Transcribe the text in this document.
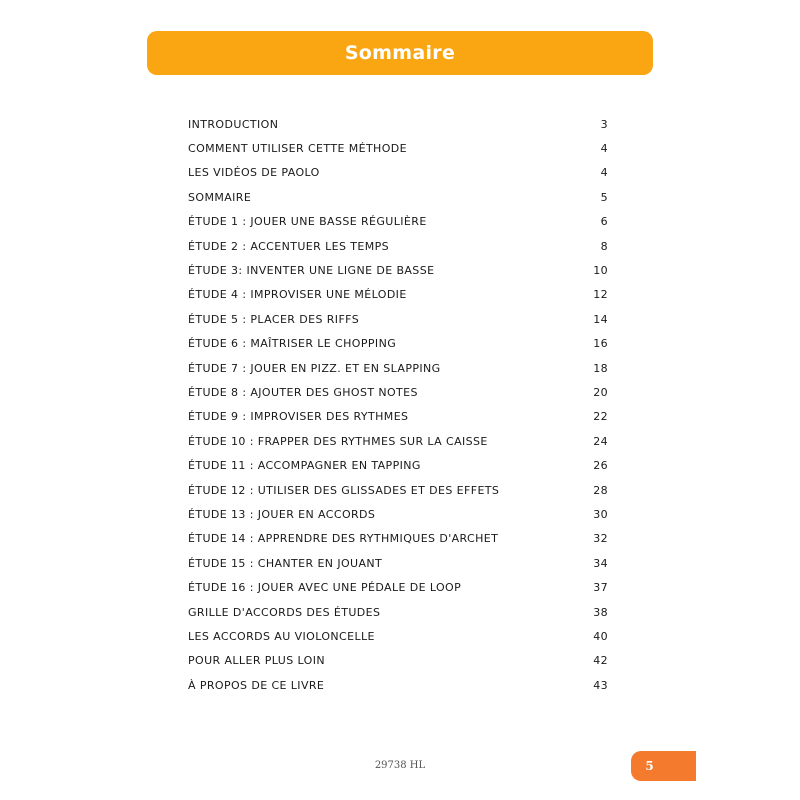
Sommaire
INTRODUCTION	3
COMMENT UTILISER CETTE MÉTHODE	4
LES VIDÉOS DE PAOLO	4
SOMMAIRE	5
ÉTUDE 1 : JOUER UNE BASSE RÉGULIÈRE	6
ÉTUDE 2 : ACCENTUER LES TEMPS	8
ÉTUDE 3: INVENTER UNE LIGNE DE BASSE	10
ÉTUDE 4 : IMPROVISER UNE MÉLODIE	12
ÉTUDE 5 : PLACER DES RIFFS	14
ÉTUDE 6 : MAÎTRISER LE CHOPPING	16
ÉTUDE 7 : JOUER EN PIZZ. ET EN SLAPPING	18
ÉTUDE 8 : AJOUTER DES GHOST NOTES	20
ÉTUDE 9 : IMPROVISER DES RYTHMES	22
ÉTUDE 10 : FRAPPER DES RYTHMES SUR LA CAISSE	24
ÉTUDE 11 : ACCOMPAGNER EN TAPPING	26
ÉTUDE 12 : UTILISER DES GLISSADES ET DES EFFETS	28
ÉTUDE 13 : JOUER EN ACCORDS	30
ÉTUDE 14 : APPRENDRE DES RYTHMIQUES D'ARCHET	32
ÉTUDE 15 : CHANTER EN JOUANT	34
ÉTUDE 16 : JOUER AVEC UNE PÉDALE DE LOOP	37
GRILLE D'ACCORDS DES ÉTUDES	38
LES ACCORDS AU VIOLONCELLE	40
POUR ALLER PLUS LOIN	42
À PROPOS DE CE LIVRE	43
29738 HL	5
